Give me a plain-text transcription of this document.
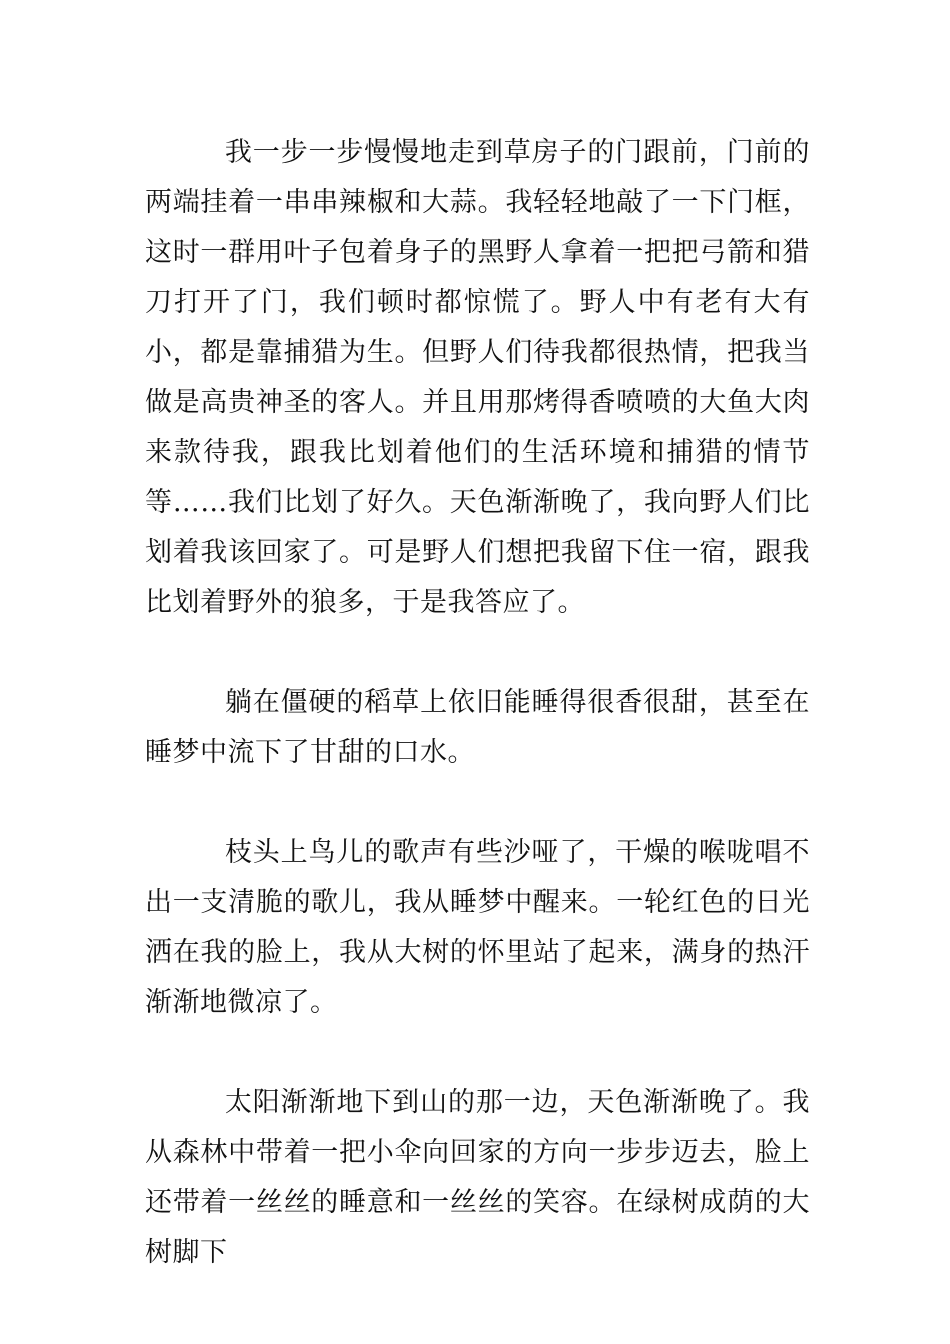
我一步一步慢慢地走到草房子的门跟前，门前的两端挂着一串串辣椒和大蒜。我轻轻地敲了一下门框，这时一群用叶子包着身子的黑野人拿着一把把弓箭和猎刀打开了门，我们顿时都惊慌了。野人中有老有大有小，都是靠捕猎为生。但野人们待我都很热情，把我当做是高贵神圣的客人。并且用那烤得香喷喷的大鱼大肉来款待我，跟我比划着他们的生活环境和捕猎的情节等……我们比划了好久。天色渐渐晚了，我向野人们比划着我该回家了。可是野人们想把我留下住一宿，跟我比划着野外的狼多，于是我答应了。

躺在僵硬的稻草上依旧能睡得很香很甜，甚至在睡梦中流下了甘甜的口水。

枝头上鸟儿的歌声有些沙哑了，干燥的喉咙唱不出一支清脆的歌儿，我从睡梦中醒来。一轮红色的日光洒在我的脸上，我从大树的怀里站了起来，满身的热汗渐渐地微凉了。

太阳渐渐地下到山的那一边，天色渐渐晚了。我从森林中带着一把小伞向回家的方向一步步迈去，脸上还带着一丝丝的睡意和一丝丝的笑容。在绿树成荫的大树脚下
